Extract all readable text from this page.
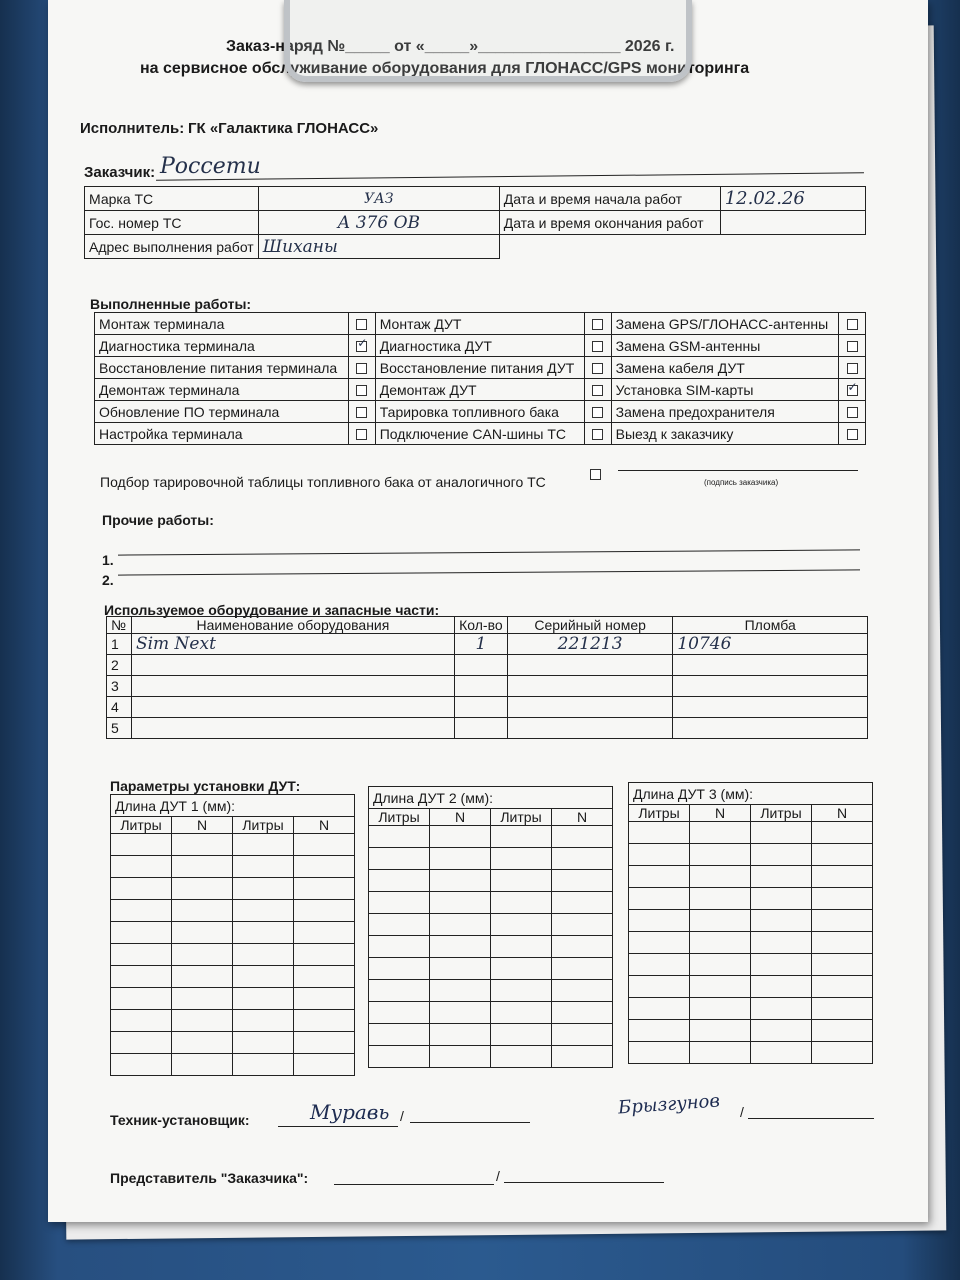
Заказ-наряд №_____ от «_____»________________ 2026 г.
на сервисное обслуживание оборудования для ГЛОНАСС/GPS мониторинга
Исполнитель: ГК «Галактика ГЛОНАСС»
Заказчик: Россети
Марка ТС	УАЗ	Дата и время начала работ	12.02.26
Гос. номер ТС	А 376 ОВ	Дата и время окончания работ	
Адрес выполнения работ	Шиханы		
Выполненные работы:
Монтаж терминала		Монтаж ДУТ		Замена GPS/ГЛОНАСС-антенны	
Диагностика терминала	✓	Диагностика ДУТ		Замена GSM-антенны	
Восстановление питания терминала		Восстановление питания ДУТ		Замена кабеля ДУТ	
Демонтаж терминала		Демонтаж ДУТ		Установка SIM-карты	✓
Обновление ПО терминала		Тарировка топливного бака		Замена предохранителя	
Настройка терминала		Подключение CAN-шины ТС		Выезд к заказчику	
Подбор тарировочной таблицы топливного бака от аналогичного ТС	(подпись заказчика)
Прочие работы:
1.
2.
Используемое оборудование и запасные части:
№	Наименование оборудования	Кол-во	Серийный номер	Пломба
1	Sim Next	1	221213	10746
2				
3				
4				
5				
Параметры установки ДУТ:
Техник-установщик:	Муравь /	Брызгунов /
Представитель "Заказчика":	/
Длина ДУТ 1 (мм):			
Литры	N	Литры	N

Длина ДУТ 2 (мм):			
Литры	N	Литры	N

Длина ДУТ 3 (мм):			
Литры	N	Литры	N
